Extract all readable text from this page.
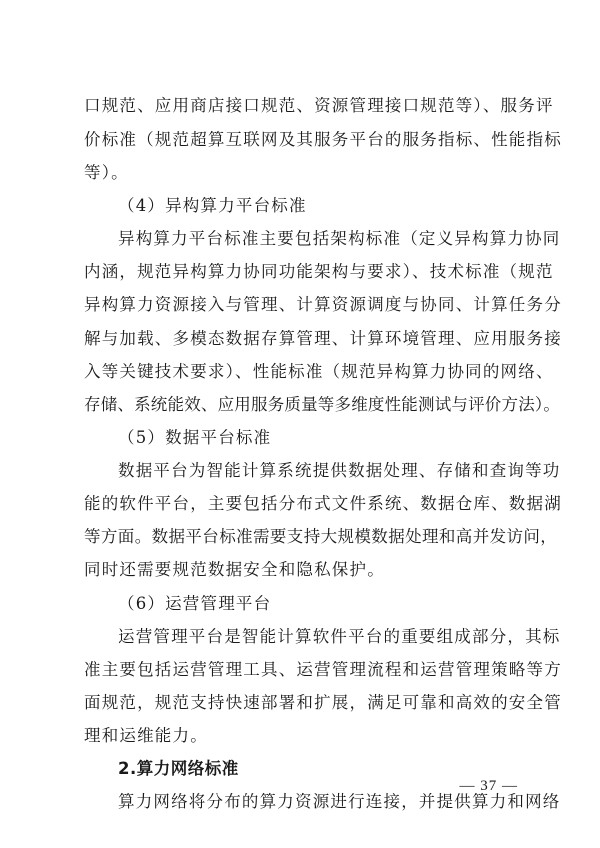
口规范、应用商店接口规范、资源管理接口规范等）、服务评
价标准（规范超算互联网及其服务平台的服务指标、性能指标
等）。
（4）异构算力平台标准
异构算力平台标准主要包括架构标准（定义异构算力协同
内涵，规范异构算力协同功能架构与要求）、技术标准（规范
异构算力资源接入与管理、计算资源调度与协同、计算任务分
解与加载、多模态数据存算管理、计算环境管理、应用服务接
入等关键技术要求）、性能标准（规范异构算力协同的网络、
存储、系统能效、应用服务质量等多维度性能测试与评价方法）。
（5）数据平台标准
数据平台为智能计算系统提供数据处理、存储和查询等功
能的软件平台，主要包括分布式文件系统、数据仓库、数据湖
等方面。数据平台标准需要支持大规模数据处理和高并发访问，
同时还需要规范数据安全和隐私保护。
（6）运营管理平台
运营管理平台是智能计算软件平台的重要组成部分，其标
准主要包括运营管理工具、运营管理流程和运营管理策略等方
面规范，规范支持快速部署和扩展，满足可靠和高效的安全管
理和运维能力。
2.算力网络标准
算力网络将分布的算力资源进行连接，并提供算力和网络
— 37 —
